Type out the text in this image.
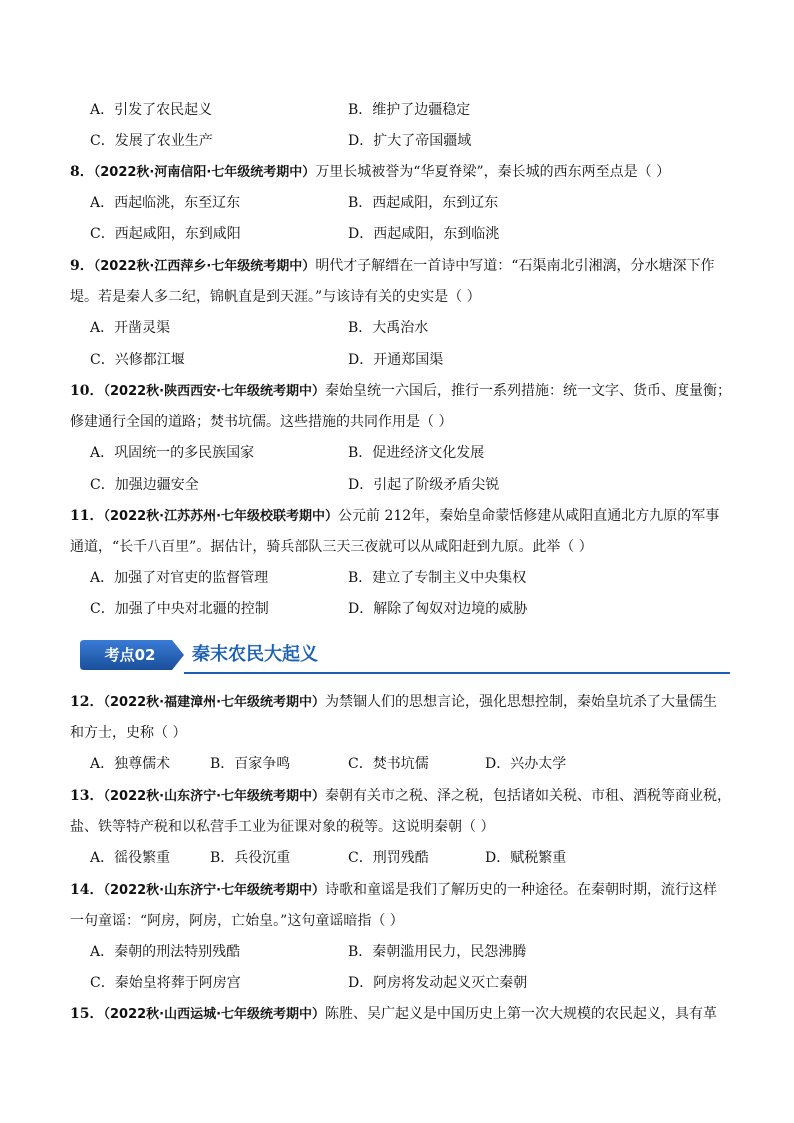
A．引发了农民起义	B．维护了边疆稳定
C．发展了农业生产	D．扩大了帝国疆域
8．（2022秋·河南信阳·七年级统考期中）万里长城被誉为“华夏脊梁”，秦长城的西东两至点是（ ）
A．西起临洮，东至辽东	B．西起咸阳，东到辽东
C．西起咸阳，东到咸阳	D．西起咸阳，东到临洮
9．（2022秋·江西萍乡·七年级统考期中）明代才子解缙在一首诗中写道：“石渠南北引湘漓，分水塘深下作
堤。若是秦人多二纪，锦帆直是到天涯。”与该诗有关的史实是（ ）
A．开凿灵渠	B．大禹治水
C．兴修都江堰	D．开通郑国渠
10．（2022秋·陕西西安·七年级统考期中）秦始皇统一六国后，推行一系列措施：统一文字、货币、度量衡；
修建通行全国的道路；焚书坑儒。这些措施的共同作用是（ ）
A．巩固统一的多民族国家	B．促进经济文化发展
C．加强边疆安全	D．引起了阶级矛盾尖锐
11．（2022秋·江苏苏州·七年级校联考期中）公元前 212年，秦始皇命蒙恬修建从咸阳直通北方九原的军事
通道，“长千八百里”。据估计，骑兵部队三天三夜就可以从咸阳赶到九原。此举（ ）
A．加强了对官吏的监督管理	B．建立了专制主义中央集权
C．加强了中央对北疆的控制	D．解除了匈奴对边境的威胁
考点02	秦末农民大起义
12．（2022秋·福建漳州·七年级统考期中）为禁锢人们的思想言论，强化思想控制，秦始皇坑杀了大量儒生
和方士，史称（ ）
A．独尊儒术	B．百家争鸣	C．焚书坑儒	D．兴办太学
13．（2022秋·山东济宁·七年级统考期中）秦朝有关市之税、泽之税，包括诸如关税、市租、酒税等商业税，
盐、铁等特产税和以私营手工业为征课对象的税等。这说明秦朝（ ）
A．徭役繁重	B．兵役沉重	C．刑罚残酷	D．赋税繁重
14．（2022秋·山东济宁·七年级统考期中）诗歌和童谣是我们了解历史的一种途径。在秦朝时期，流行这样
一句童谣：“阿房，阿房，亡始皇。”这句童谣暗指（ ）
A．秦朝的刑法特别残酷	B．秦朝滥用民力，民怨沸腾
C．秦始皇将葬于阿房宫	D．阿房将发动起义灭亡秦朝
15．（2022秋·山西运城·七年级统考期中）陈胜、吴广起义是中国历史上第一次大规模的农民起义，具有革
